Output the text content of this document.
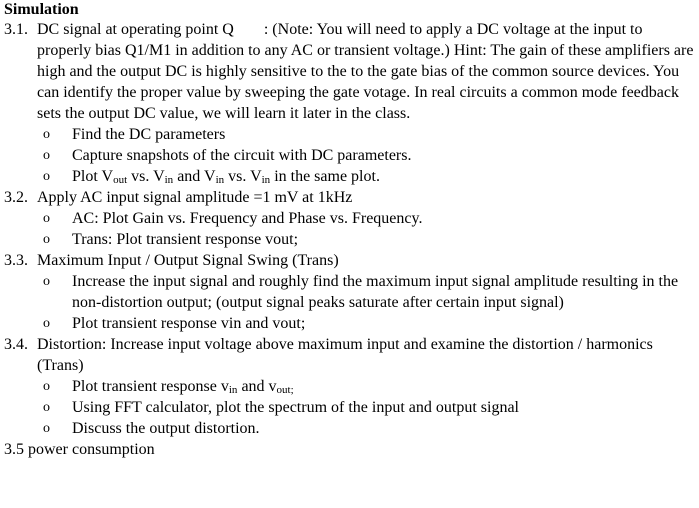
Simulation
3.1. DC signal at operating point Q : (Note: You will need to apply a DC voltage at the input to properly bias Q1/M1 in addition to any AC or transient voltage.) Hint: The gain of these amplifiers are high and the output DC is highly sensitive to the to the gate bias of the common source devices. You can identify the proper value by sweeping the gate votage. In real circuits a common mode feedback sets the output DC value, we will learn it later in the class.
o Find the DC parameters
o Capture snapshots of the circuit with DC parameters.
o Plot $V_{out}$ vs. $V_{in}$ and $V_{in}$ vs. $V_{in}$ in the same plot.
3.2. Apply AC input signal amplitude =1 mV at 1kHz
o AC: Plot Gain vs. Frequency and Phase vs. Frequency.
o Trans: Plot transient response vout;
3.3. Maximum Input / Output Signal Swing (Trans)
o Increase the input signal and roughly find the maximum input signal amplitude resulting in the non-distortion output; (output signal peaks saturate after certain input signal)
o Plot transient response vin and vout;
3.4. Distortion: Increase input voltage above maximum input and examine the distortion / harmonics (Trans)
o Plot transient response $v_{in}$ and $v_{out;}$
o Using FFT calculator, plot the spectrum of the input and output signal
o Discuss the output distortion.
3.5 power consumption
